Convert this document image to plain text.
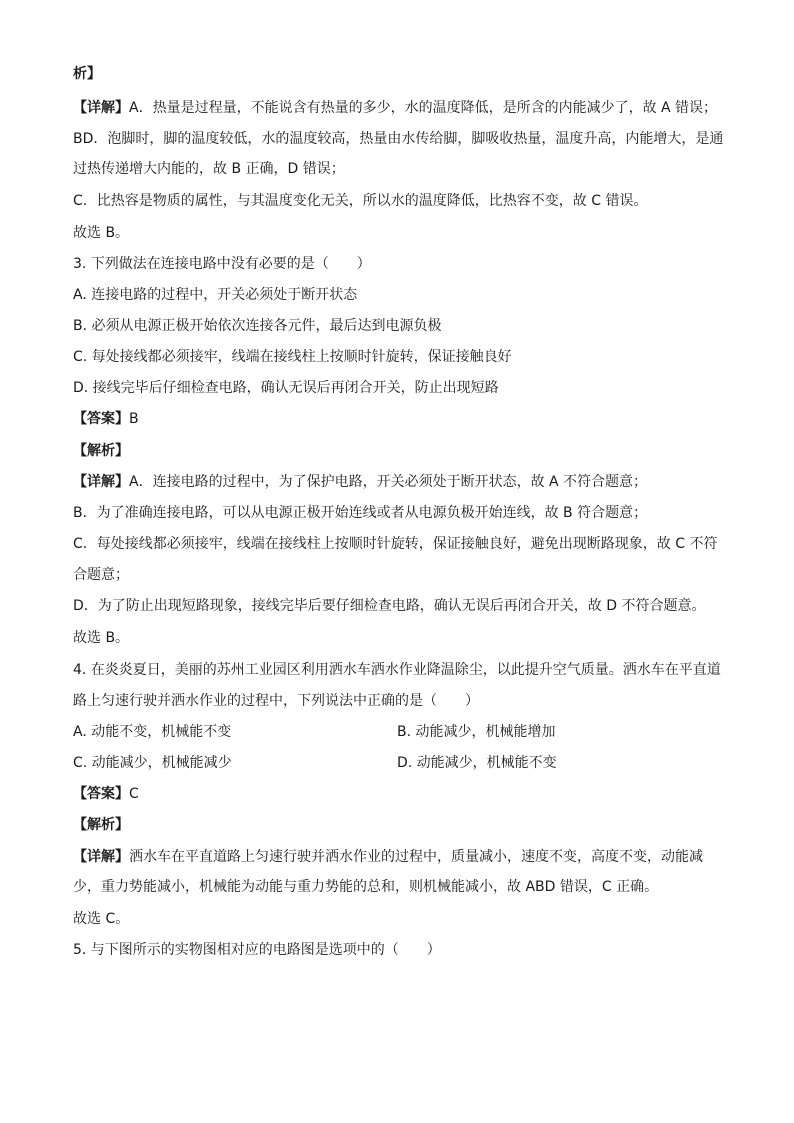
析】
【详解】A．热量是过程量，不能说含有热量的多少，水的温度降低，是所含的内能减少了，故 A 错误；
BD．泡脚时，脚的温度较低，水的温度较高，热量由水传给脚，脚吸收热量，温度升高，内能增大，是通
过热传递增大内能的，故 B 正确，D 错误；
C．比热容是物质的属性，与其温度变化无关，所以水的温度降低，比热容不变，故 C 错误。
故选 B。
3. 下列做法在连接电路中没有必要的是（　　）
A. 连接电路的过程中，开关必须处于断开状态
B. 必须从电源正极开始依次连接各元件，最后达到电源负极
C. 每处接线都必须接牢，线端在接线柱上按顺时针旋转，保证接触良好
D. 接线完毕后仔细检查电路，确认无误后再闭合开关，防止出现短路
【答案】B
【解析】
【详解】A．连接电路的过程中，为了保护电路，开关必须处于断开状态，故 A 不符合题意；
B．为了准确连接电路，可以从电源正极开始连线或者从电源负极开始连线，故 B 符合题意；
C．每处接线都必须接牢，线端在接线柱上按顺时针旋转，保证接触良好，避免出现断路现象，故 C 不符
合题意；
D．为了防止出现短路现象，接线完毕后要仔细检查电路，确认无误后再闭合开关，故 D 不符合题意。
故选 B。
4. 在炎炎夏日，美丽的苏州工业园区利用洒水车洒水作业降温除尘，以此提升空气质量。洒水车在平直道
路上匀速行驶并洒水作业的过程中，下列说法中正确的是（　　）
A. 动能不变，机械能不变	B. 动能减少，机械能增加
C. 动能减少，机械能减少	D. 动能减少，机械能不变
【答案】C
【解析】
【详解】洒水车在平直道路上匀速行驶并洒水作业的过程中，质量减小，速度不变，高度不变，动能减
少，重力势能减小，机械能为动能与重力势能的总和，则机械能减小，故 ABD 错误，C 正确。
故选 C。
5. 与下图所示的实物图相对应的电路图是选项中的（　　）
